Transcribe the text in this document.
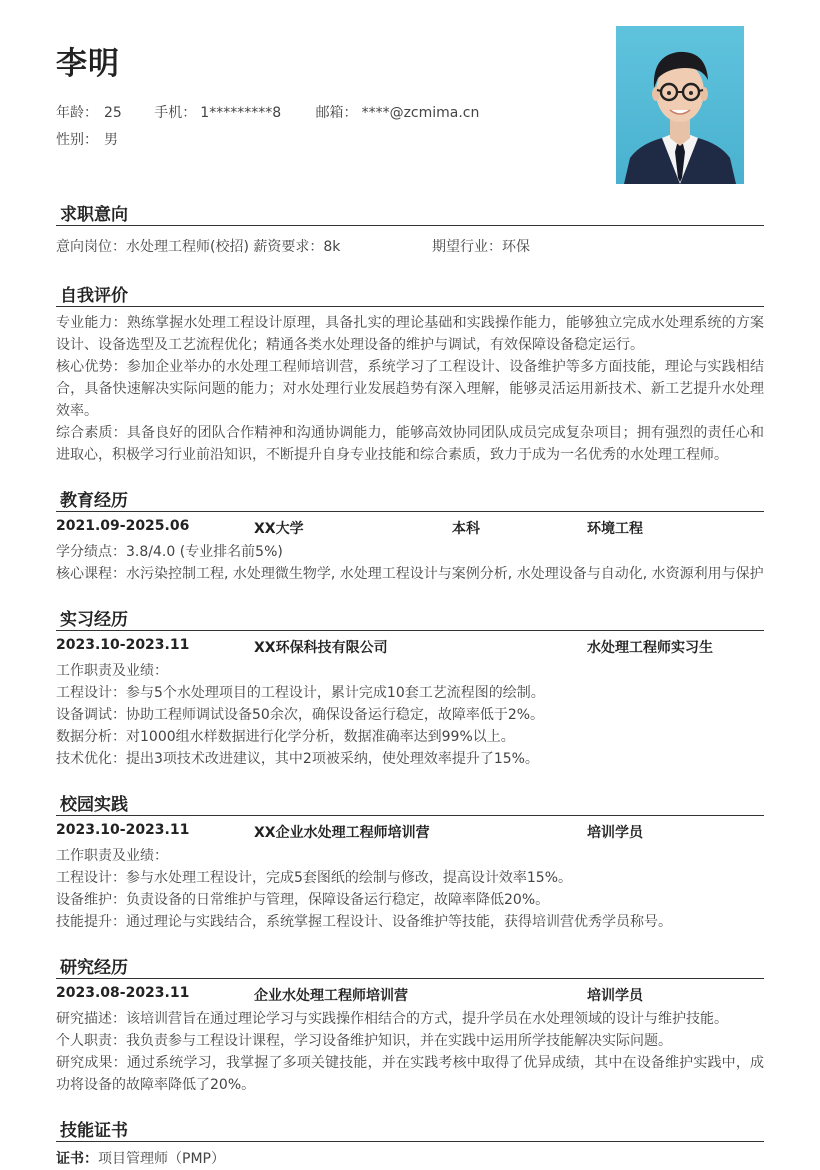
李明
年龄： 25 手机： 1*********8 邮箱： ****@zcmima.cn
性别： 男
求职意向
意向岗位：水处理工程师(校招) 薪资要求：8k	期望行业：环保
自我评价
专业能力：熟练掌握水处理工程设计原理，具备扎实的理论基础和实践操作能力，能够独立完成水处理系统的方案设计、设备选型及工艺流程优化；精通各类水处理设备的维护与调试，有效保障设备稳定运行。
核心优势：参加企业举办的水处理工程师培训营，系统学习了工程设计、设备维护等多方面技能，理论与实践相结合，具备快速解决实际问题的能力；对水处理行业发展趋势有深入理解，能够灵活运用新技术、新工艺提升水处理效率。
综合素质：具备良好的团队合作精神和沟通协调能力，能够高效协同团队成员完成复杂项目；拥有强烈的责任心和进取心，积极学习行业前沿知识，不断提升自身专业技能和综合素质，致力于成为一名优秀的水处理工程师。
教育经历
2021.09-2025.06	XX大学	本科	环境工程
学分绩点：3.8/4.0 (专业排名前5%)
核心课程：水污染控制工程, 水处理微生物学, 水处理工程设计与案例分析, 水处理设备与自动化, 水资源利用与保护
实习经历
2023.10-2023.11	XX环保科技有限公司	水处理工程师实习生
工作职责及业绩：
工程设计：参与5个水处理项目的工程设计，累计完成10套工艺流程图的绘制。
设备调试：协助工程师调试设备50余次，确保设备运行稳定，故障率低于2%。
数据分析：对1000组水样数据进行化学分析，数据准确率达到99%以上。
技术优化：提出3项技术改进建议，其中2项被采纳，使处理效率提升了15%。
校园实践
2023.10-2023.11	XX企业水处理工程师培训营	培训学员
工作职责及业绩：
工程设计：参与水处理工程设计，完成5套图纸的绘制与修改，提高设计效率15%。
设备维护：负责设备的日常维护与管理，保障设备运行稳定，故障率降低20%。
技能提升：通过理论与实践结合，系统掌握工程设计、设备维护等技能，获得培训营优秀学员称号。
研究经历
2023.08-2023.11	企业水处理工程师培训营	培训学员
研究描述：该培训营旨在通过理论学习与实践操作相结合的方式，提升学员在水处理领域的设计与维护技能。
个人职责：我负责参与工程设计课程，学习设备维护知识，并在实践中运用所学技能解决实际问题。
研究成果：通过系统学习，我掌握了多项关键技能，并在实践考核中取得了优异成绩，其中在设备维护实践中，成功将设备的故障率降低了20%。
技能证书
证书：项目管理师（PMP）
